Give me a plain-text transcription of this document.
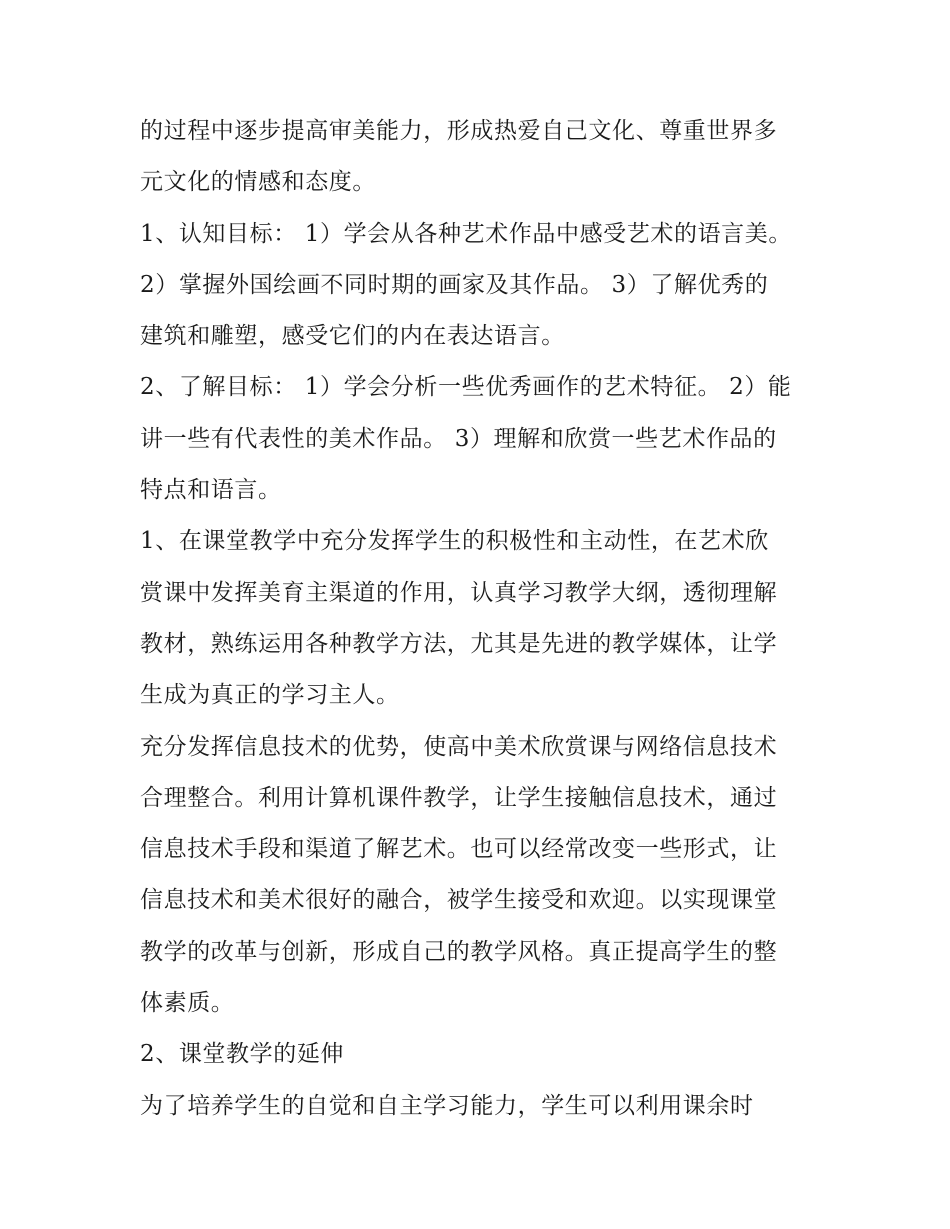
的过程中逐步提高审美能力，形成热爱自己文化、尊重世界多
元文化的情感和态度。
1、认知目标： 1）学会从各种艺术作品中感受艺术的语言美。
2）掌握外国绘画不同时期的画家及其作品。 3）了解优秀的
建筑和雕塑，感受它们的内在表达语言。
2、了解目标： 1）学会分析一些优秀画作的艺术特征。 2）能
讲一些有代表性的美术作品。 3）理解和欣赏一些艺术作品的
特点和语言。
1、在课堂教学中充分发挥学生的积极性和主动性，在艺术欣
赏课中发挥美育主渠道的作用，认真学习教学大纲，透彻理解
教材，熟练运用各种教学方法，尤其是先进的教学媒体，让学
生成为真正的学习主人。
充分发挥信息技术的优势，使高中美术欣赏课与网络信息技术
合理整合。利用计算机课件教学，让学生接触信息技术，通过
信息技术手段和渠道了解艺术。也可以经常改变一些形式，让
信息技术和美术很好的融合，被学生接受和欢迎。以实现课堂
教学的改革与创新，形成自己的教学风格。真正提高学生的整
体素质。
2、课堂教学的延伸
为了培养学生的自觉和自主学习能力，学生可以利用课余时
